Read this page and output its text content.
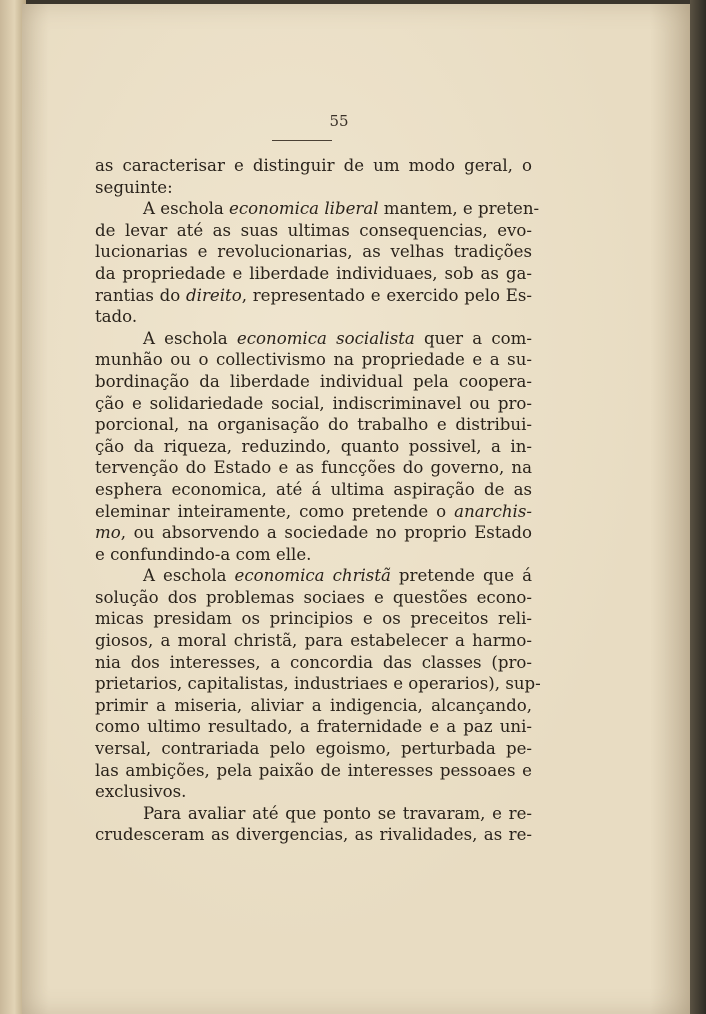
55
as caracterisar e distinguir de um modo geral, o
seguinte:
A eschola economica liberal mantem, e preten-
de levar até as suas ultimas consequencias, evo-
lucionarias e revolucionarias, as velhas tradições
da propriedade e liberdade individuaes, sob as ga-
rantias do direito, representado e exercido pelo Es-
tado.
A eschola economica socialista quer a com-
munhão ou o collectivismo na propriedade e a su-
bordinação da liberdade individual pela coopera-
ção e solidariedade social, indiscriminavel ou pro-
porcional, na organisação do trabalho e distribui-
ção da riqueza, reduzindo, quanto possivel, a in-
tervenção do Estado e as funcções do governo, na
esphera economica, até á ultima aspiração de as
eleminar inteiramente, como pretende o anarchis-
mo, ou absorvendo a sociedade no proprio Estado
e confundindo-a com elle.
A eschola economica christã pretende que á
solução dos problemas sociaes e questões econo-
micas presidam os principios e os preceitos reli-
giosos, a moral christã, para estabelecer a harmo-
nia dos interesses, a concordia das classes (pro-
prietarios, capitalistas, industriaes e operarios), sup-
primir a miseria, aliviar a indigencia, alcançando,
como ultimo resultado, a fraternidade e a paz uni-
versal, contrariada pelo egoismo, perturbada pe-
las ambições, pela paixão de interesses pessoaes e
exclusivos.
Para avaliar até que ponto se travaram, e re-
crudesceram as divergencias, as rivalidades, as re-
